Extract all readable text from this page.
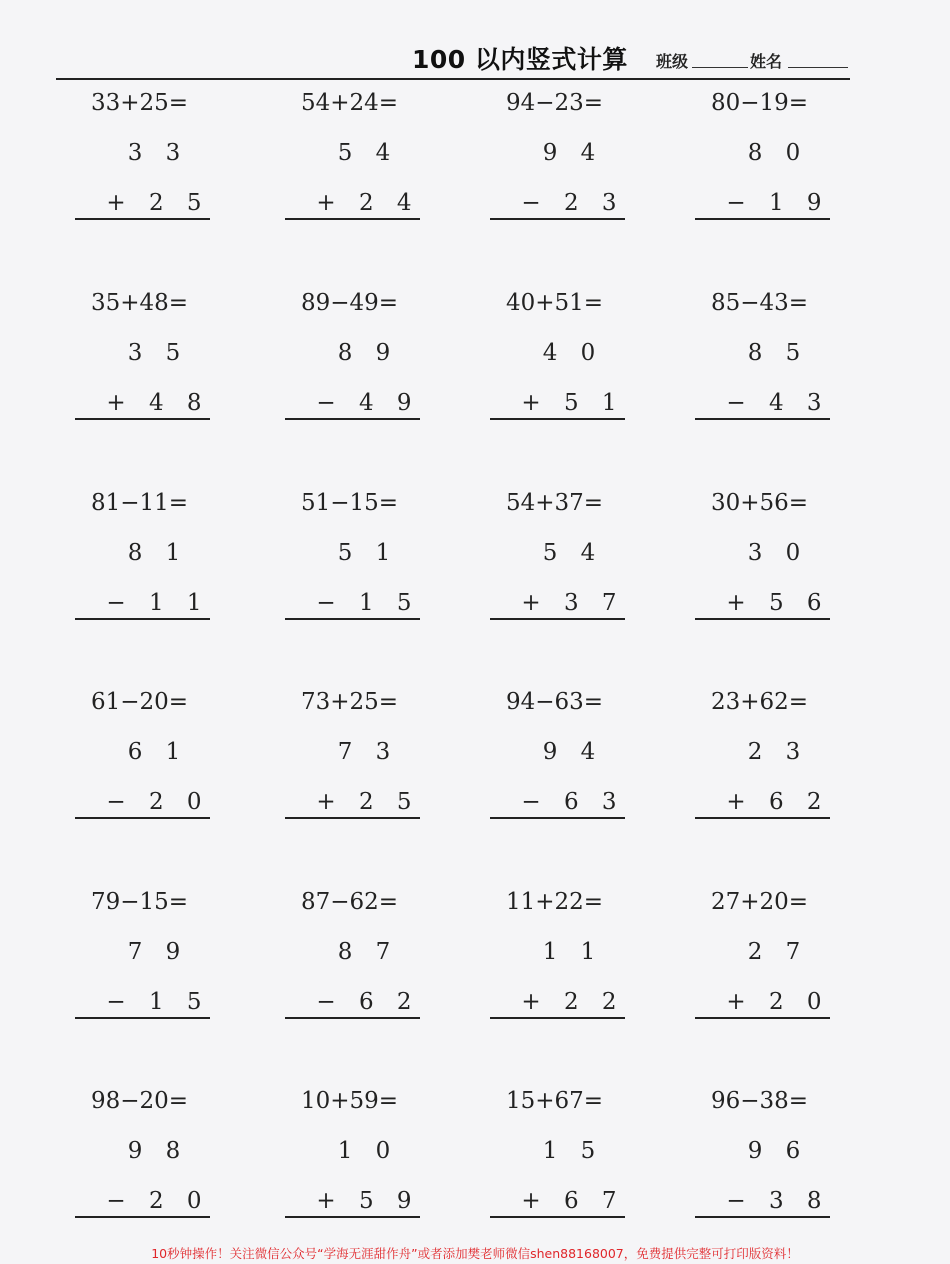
100 以内竖式计算 班级	姓名
33+25=
3 3
+ 2 5
54+24=
5 4
+ 2 4
94−23=
9 4
− 2 3
80−19=
8 0
− 1 9
35+48=
3 5
+ 4 8
89−49=
8 9
− 4 9
40+51=
4 0
+ 5 1
85−43=
8 5
− 4 3
81−11=
8 1
− 1 1
51−15=
5 1
− 1 5
54+37=
5 4
+ 3 7
30+56=
3 0
+ 5 6
61−20=
6 1
− 2 0
73+25=
7 3
+ 2 5
94−63=
9 4
− 6 3
23+62=
2 3
+ 6 2
79−15=
7 9
− 1 5
87−62=
8 7
− 6 2
11+22=
1 1
+ 2 2
27+20=
2 7
+ 2 0
98−20=
9 8
− 2 0
10+59=
1 0
+ 5 9
15+67=
1 5
+ 6 7
96−38=
9 6
− 3 8
10秒钟操作！关注微信公众号“学海无涯甜作舟”或者添加樊老师微信shen88168007，免费提供完整可打印版资料！
